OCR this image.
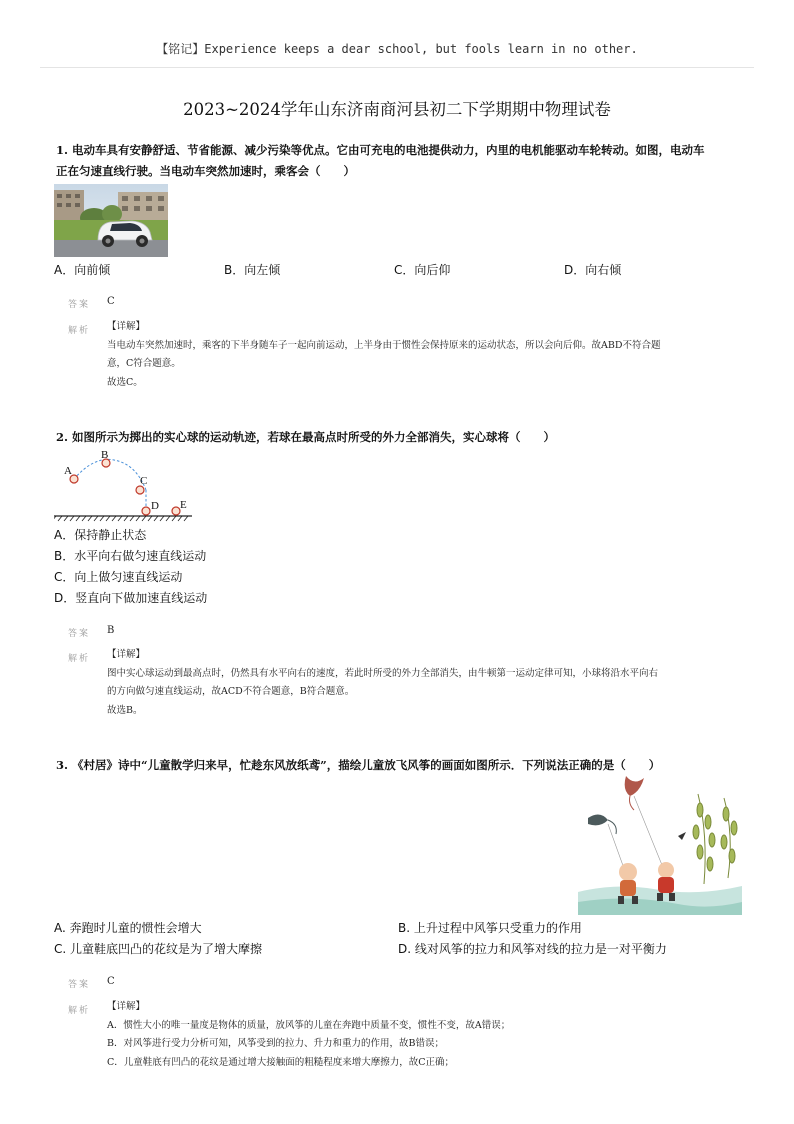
【铭记】Experience keeps a dear school, but fools learn in no other.
2023~2024学年山东济南商河县初二下学期期中物理试卷
1. 电动车具有安静舒适、节省能源、减少污染等优点。它由可充电的电池提供动力，内里的电机能驱动车轮转动。如图，电动车
正在匀速直线行驶。当电动车突然加速时，乘客会（　　）
A．向前倾	B．向左倾	C．向后仰	D．向右倾
答案 C
解析 【详解】

当电动车突然加速时，乘客的下半身随车子一起向前运动，上半身由于惯性会保持原来的运动状态，所以会向后仰。故ABD不符合题

意，C符合题意。

故选C。

2. 如图所示为掷出的实心球的运动轨迹，若球在最高点时所受的外力全部消失，实心球将（　　）
A
B
C
D E
A．保持静止状态
B．水平向右做匀速直线运动
C．向上做匀速直线运动
D．竖直向下做加速直线运动
答案 B
解析 【详解】

图中实心球运动到最高点时，仍然具有水平向右的速度，若此时所受的外力全部消失，由牛顿第一运动定律可知，小球将沿水平向右

的方向做匀速直线运动，故ACD不符合题意，B符合题意。

故选B。

3. 《村居》诗中“儿童散学归来早，忙趁东风放纸鸢”，描绘儿童放飞风筝的画面如图所示．下列说法正确的是（　　）
A. 奔跑时儿童的惯性会增大	B. 上升过程中风筝只受重力的作用
C. 儿童鞋底凹凸的花纹是为了增大摩擦	D. 线对风筝的拉力和风筝对线的拉力是一对平衡力
答案 C
解析 【详解】

A．惯性大小的唯一量度是物体的质量，放风筝的儿童在奔跑中质量不变，惯性不变，故A错误；

B．对风筝进行受力分析可知，风筝受到的拉力、升力和重力的作用，故B错误；

C．儿童鞋底有凹凸的花纹是通过增大接触面的粗糙程度来增大摩擦力，故C正确；
